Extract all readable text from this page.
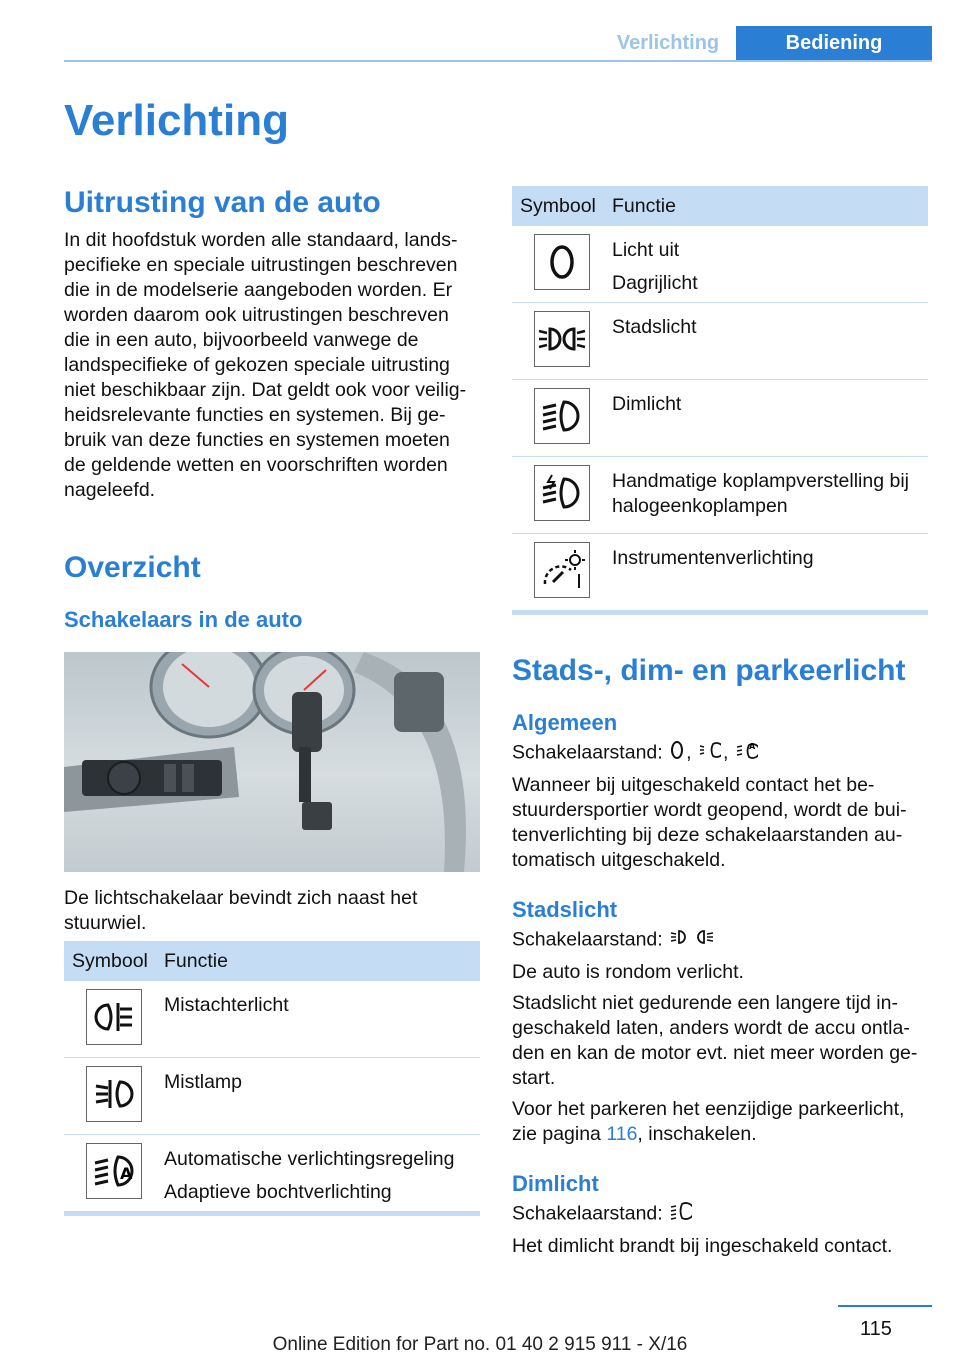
Verlichting	Bediening
Verlichting
Uitrusting van de auto

In dit hoofdstuk worden alle standaard, landspecifieke en speciale uitrustingen beschreven die in de modelserie aangeboden worden. Er worden daarom ook uitrustingen beschreven die in een auto, bijvoorbeeld vanwege de landspecifieke of gekozen speciale uitrusting niet beschikbaar zijn. Dat geldt ook voor veiligheidsrelevante functies en systemen. Bij gebruik van deze functies en systemen moeten de geldende wetten en voorschriften worden nageleefd.

Overzicht
Schakelaars in de auto

De lichtschakelaar bevindt zich naast het stuurwiel.

Symbool Functie
Mistachterlicht
Mistlamp
A
Automatische verlichtingsregeling
Adaptieve bochtverlichting
Symbool Functie
Licht uit
Dagrijlicht
Stadslicht
Dimlicht
Handmatige koplampverstelling bij halogeenkoplampen
Instrumentenverlichting
Stads-, dim- en parkeerlicht
Algemeen

Schakelaarstand: , , A

Wanneer bij uitgeschakeld contact het bestuurdersportier wordt geopend, wordt de buitenverlichting bij deze schakelaarstanden automatisch uitgeschakeld.

Stadslicht

Schakelaarstand:

De auto is rondom verlicht.

Stadslicht niet gedurende een langere tijd ingeschakeld laten, anders wordt de accu ontladen en kan de motor evt. niet meer worden gestart.

Voor het parkeren het eenzijdige parkeerlicht, zie pagina 116, inschakelen.

Dimlicht

Schakelaarstand:

Het dimlicht brandt bij ingeschakeld contact.

115
Online Edition for Part no. 01 40 2 915 911 - X/16
